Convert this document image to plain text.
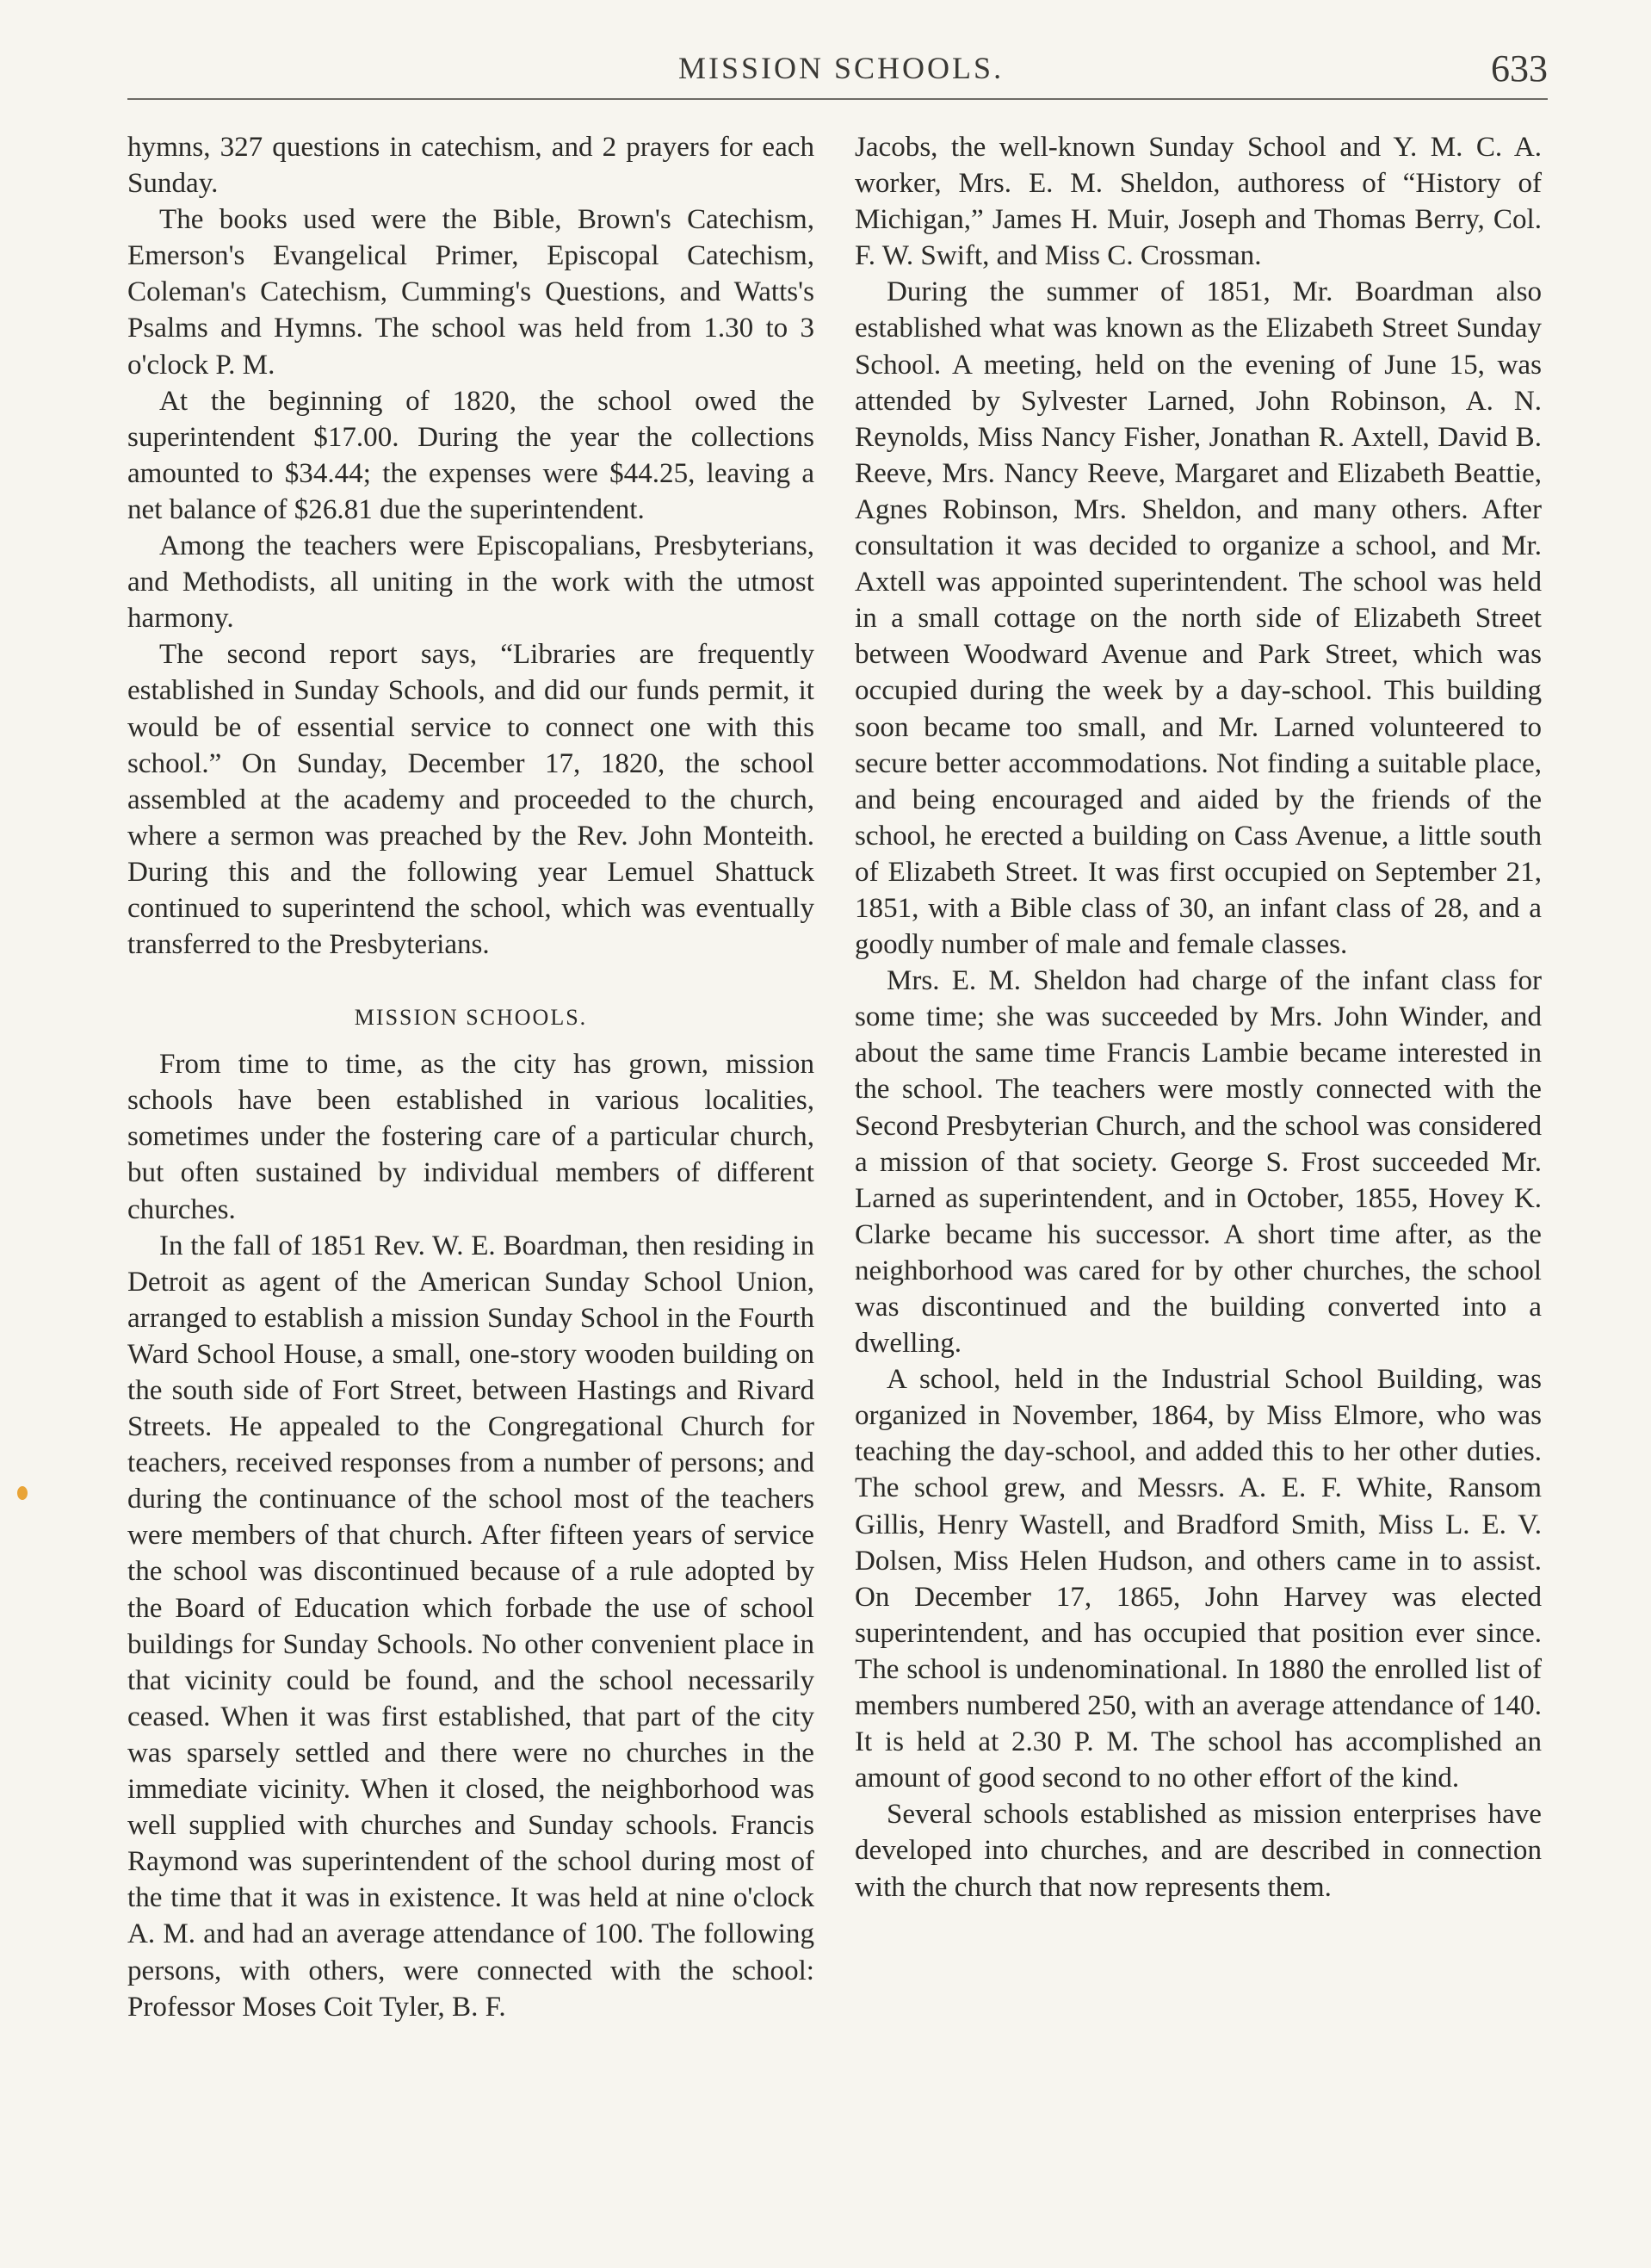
MISSION SCHOOLS.	633

hymns, 327 questions in catechism, and 2 prayers for each Sunday.

The books used were the Bible, Brown's Catechism, Emerson's Evangelical Primer, Episcopal Catechism, Coleman's Catechism, Cumming's Questions, and Watts's Psalms and Hymns. The school was held from 1.30 to 3 o'clock P. M.

At the beginning of 1820, the school owed the superintendent $17.00. During the year the collections amounted to $34.44; the expenses were $44.25, leaving a net balance of $26.81 due the superintendent.

Among the teachers were Episcopalians, Presbyterians, and Methodists, all uniting in the work with the utmost harmony.

The second report says, “Libraries are frequently established in Sunday Schools, and did our funds permit, it would be of essential service to connect one with this school.” On Sunday, December 17, 1820, the school assembled at the academy and proceeded to the church, where a sermon was preached by the Rev. John Monteith. During this and the following year Lemuel Shattuck continued to superintend the school, which was eventually transferred to the Presbyterians.

MISSION SCHOOLS.

From time to time, as the city has grown, mission schools have been established in various localities, sometimes under the fostering care of a particular church, but often sustained by individual members of different churches.

In the fall of 1851 Rev. W. E. Boardman, then residing in Detroit as agent of the American Sunday School Union, arranged to establish a mission Sunday School in the Fourth Ward School House, a small, one-story wooden building on the south side of Fort Street, between Hastings and Rivard Streets. He appealed to the Congregational Church for teachers, received responses from a number of persons; and during the continuance of the school most of the teachers were members of that church. After fifteen years of service the school was discontinued because of a rule adopted by the Board of Education which forbade the use of school buildings for Sunday Schools. No other convenient place in that vicinity could be found, and the school necessarily ceased. When it was first established, that part of the city was sparsely settled and there were no churches in the immediate vicinity. When it closed, the neighborhood was well supplied with churches and Sunday schools. Francis Raymond was superintendent of the school during most of the time that it was in existence. It was held at nine o'clock A. M. and had an average attendance of 100. The following persons, with others, were connected with the school: Professor Moses Coit Tyler, B. F.

Jacobs, the well-known Sunday School and Y. M. C. A. worker, Mrs. E. M. Sheldon, authoress of “History of Michigan,” James H. Muir, Joseph and Thomas Berry, Col. F. W. Swift, and Miss C. Crossman.

During the summer of 1851, Mr. Boardman also established what was known as the Elizabeth Street Sunday School. A meeting, held on the evening of June 15, was attended by Sylvester Larned, John Robinson, A. N. Reynolds, Miss Nancy Fisher, Jonathan R. Axtell, David B. Reeve, Mrs. Nancy Reeve, Margaret and Elizabeth Beattie, Agnes Robinson, Mrs. Sheldon, and many others. After consultation it was decided to organize a school, and Mr. Axtell was appointed superintendent. The school was held in a small cottage on the north side of Elizabeth Street between Woodward Avenue and Park Street, which was occupied during the week by a day-school. This building soon became too small, and Mr. Larned volunteered to secure better accommodations. Not finding a suitable place, and being encouraged and aided by the friends of the school, he erected a building on Cass Avenue, a little south of Elizabeth Street. It was first occupied on September 21, 1851, with a Bible class of 30, an infant class of 28, and a goodly number of male and female classes.

Mrs. E. M. Sheldon had charge of the infant class for some time; she was succeeded by Mrs. John Winder, and about the same time Francis Lambie became interested in the school. The teachers were mostly connected with the Second Presbyterian Church, and the school was considered a mission of that society. George S. Frost succeeded Mr. Larned as superintendent, and in October, 1855, Hovey K. Clarke became his successor. A short time after, as the neighborhood was cared for by other churches, the school was discontinued and the building converted into a dwelling.

A school, held in the Industrial School Building, was organized in November, 1864, by Miss Elmore, who was teaching the day-school, and added this to her other duties. The school grew, and Messrs. A. E. F. White, Ransom Gillis, Henry Wastell, and Bradford Smith, Miss L. E. V. Dolsen, Miss Helen Hudson, and others came in to assist. On December 17, 1865, John Harvey was elected superintendent, and has occupied that position ever since. The school is undenominational. In 1880 the enrolled list of members numbered 250, with an average attendance of 140. It is held at 2.30 P. M. The school has accomplished an amount of good second to no other effort of the kind.

Several schools established as mission enterprises have developed into churches, and are described in connection with the church that now represents them.
